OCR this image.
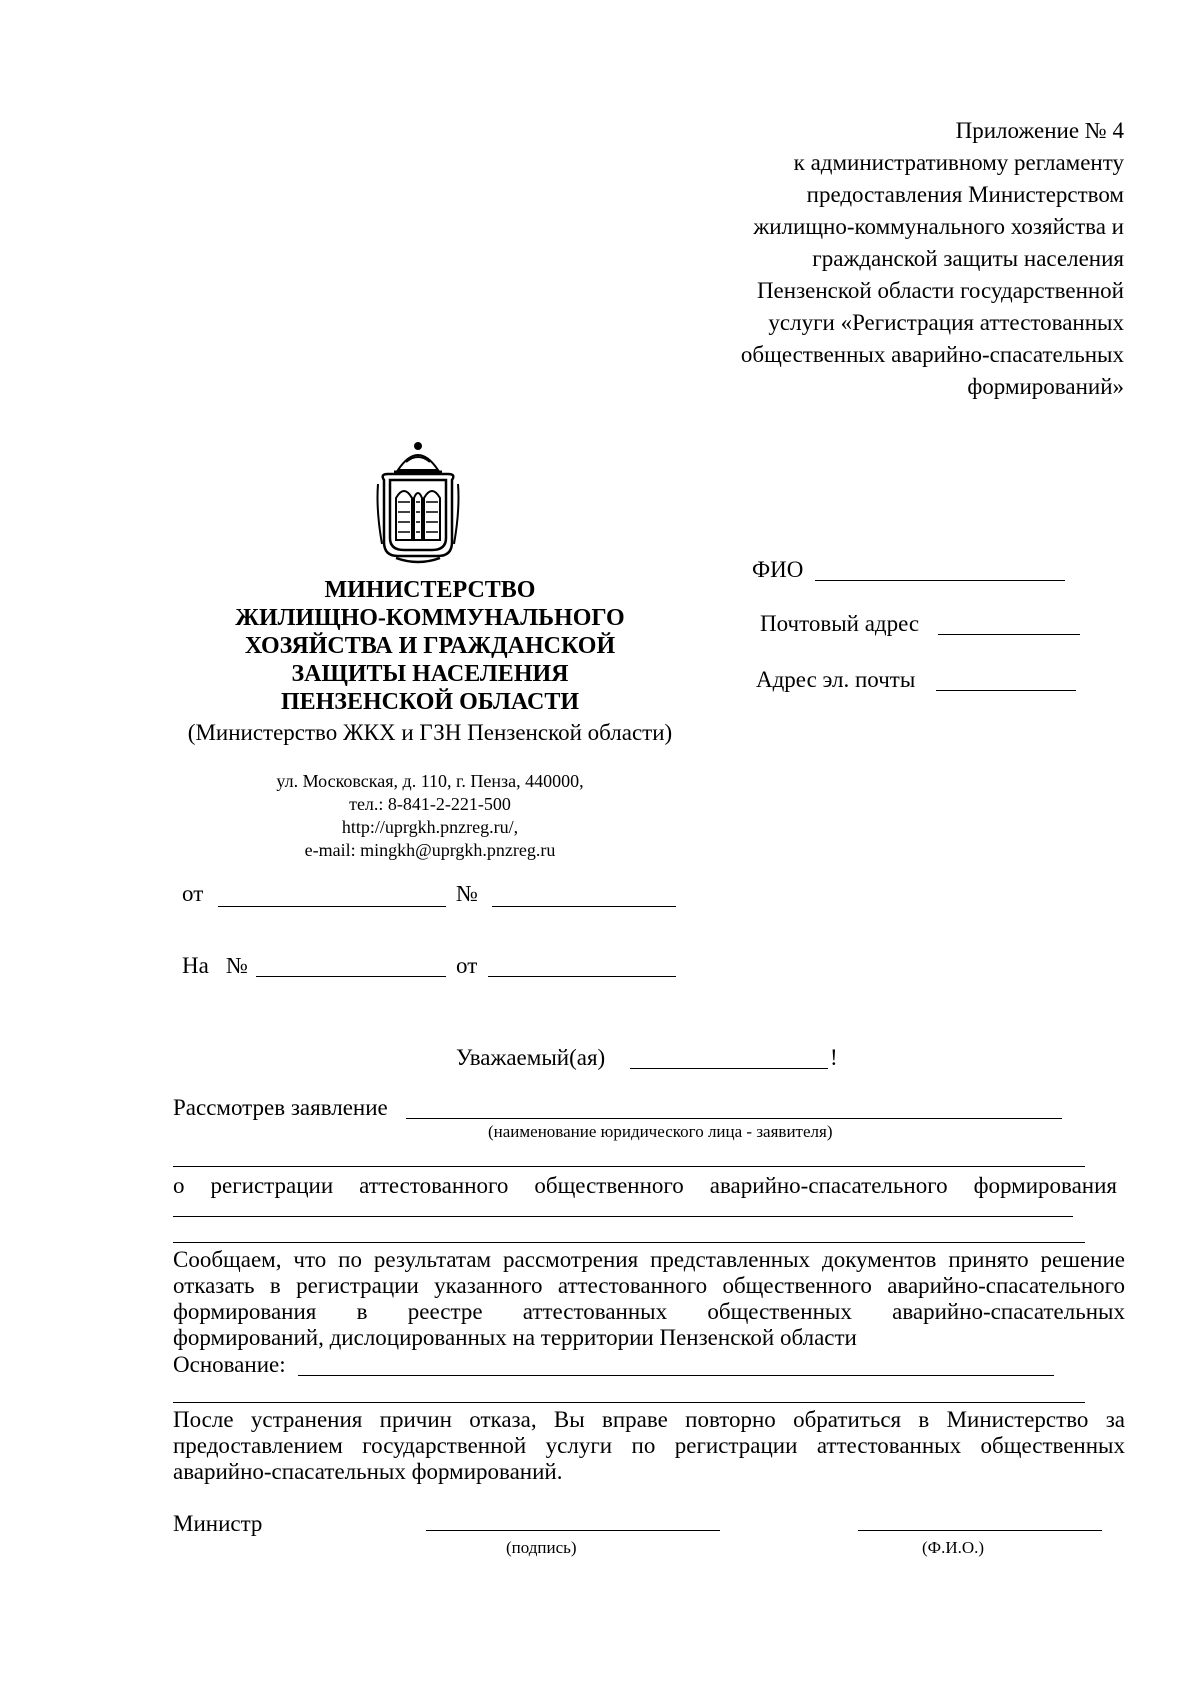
Приложение № 4
к административному регламенту
предоставления Министерством
жилищно-коммунального хозяйства и
гражданской защиты населения
Пензенской области государственной
услуги «Регистрация аттестованных
общественных аварийно-спасательных
формирований»
МИНИСТЕРСТВО
ЖИЛИЩНО-КОММУНАЛЬНОГО
ХОЗЯЙСТВА И ГРАЖДАНСКОЙ
ЗАЩИТЫ НАСЕЛЕНИЯ
ПЕНЗЕНСКОЙ ОБЛАСТИ
(Министерство ЖКХ и ГЗН Пензенской области)
ул. Московская, д. 110, г. Пенза, 440000,
тел.: 8-841-2-221-500
http://uprgkh.pnzreg.ru/,
e-mail: mingkh@uprgkh.pnzreg.ru
ФИО
Почтовый адрес
Адрес эл. почты
от	№
На №	от
Уважаемый(ая)	!
Рассмотрев заявление
(наименование юридического лица - заявителя)
о регистрации аттестованного общественного аварийно-спасательного формирования
Сообщаем, что по результатам рассмотрения представленных документов принято решение
отказать в регистрации указанного аттестованного общественного аварийно-спасательного
формирования в реестре аттестованных общественных аварийно-спасательных
формирований, дислоцированных на территории Пензенской области
Основание:
После устранения причин отказа, Вы вправе повторно обратиться в Министерство за
предоставлением государственной услуги по регистрации аттестованных общественных
аварийно-спасательных формирований.
Министр
(подпись)	(Ф.И.О.)
